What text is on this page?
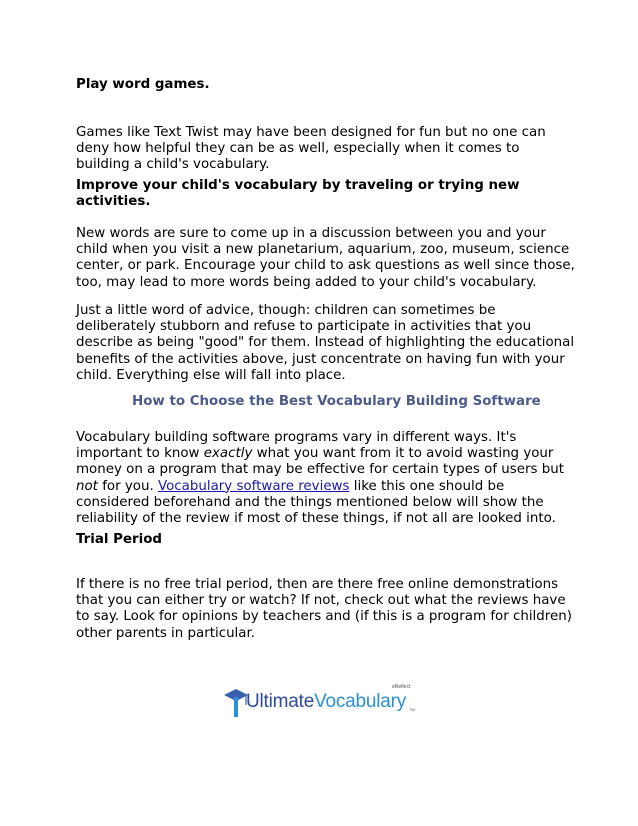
Play word games.

Games like Text Twist may have been designed for fun but no one can deny how helpful they can be as well, especially when it comes to building a child's vocabulary.

Improve your child's vocabulary by traveling or trying new activities.

New words are sure to come up in a discussion between you and your child when you visit a new planetarium, aquarium, zoo, museum, science center, or park. Encourage your child to ask questions as well since those, too, may lead to more words being added to your child's vocabulary.

Just a little word of advice, though: children can sometimes be deliberately stubborn and refuse to participate in activities that you describe as being "good" for them. Instead of highlighting the educational benefits of the activities above, just concentrate on having fun with your child. Everything else will fall into place.

How to Choose the Best Vocabulary Building Software

Vocabulary building software programs vary in different ways. It's important to know exactly what you want from it to avoid wasting your money on a program that may be effective for certain types of users but not for you. Vocabulary software reviews like this one should be considered beforehand and the things mentioned below will show the reliability of the review if most of these things, if not all are looked into.

Trial Period

If there is no free trial period, then are there free online demonstrations that you can either try or watch? If not, check out what the reviews have to say. Look for opinions by teachers and (if this is a program for children) other parents in particular.

UltimateVocabulary
eReflect
TM
